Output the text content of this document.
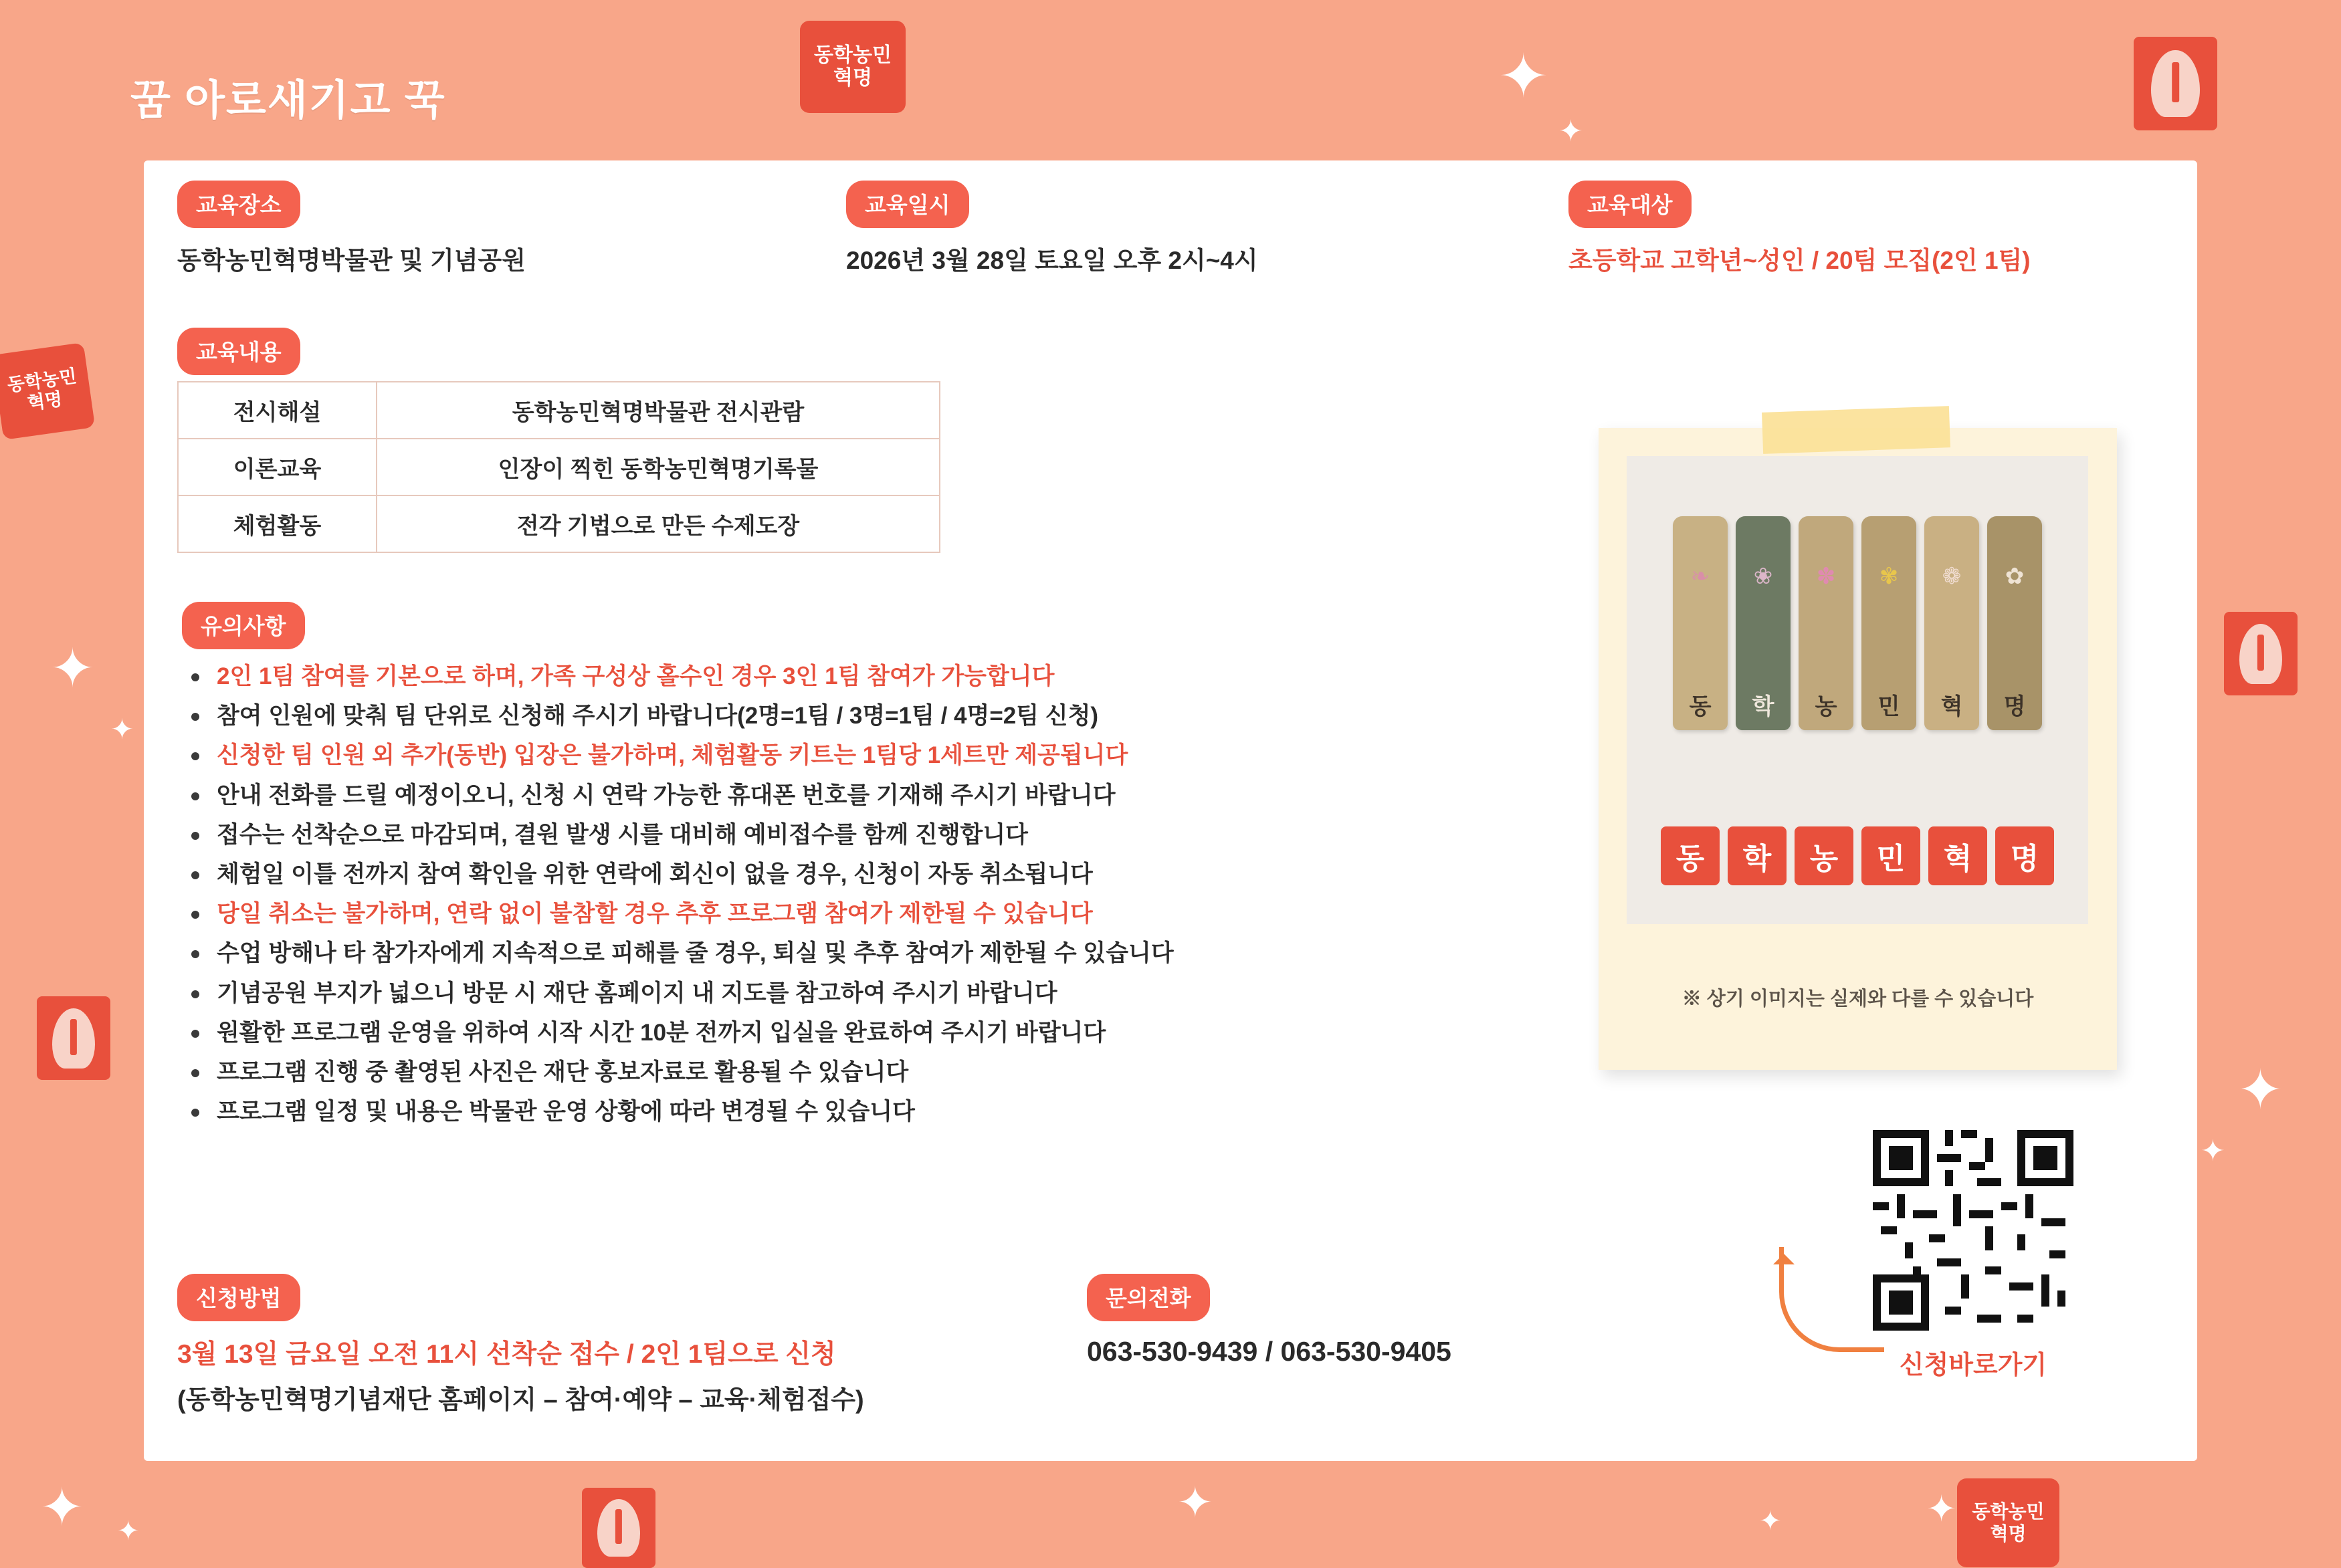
✦
✦
✦
✦
✦
✦
✦ ✦
✦	✦
✦
동학농민
혁명
동학농민
혁명
동학농민
혁명
꿈 아로새기고 꾹
교육장소
동학농민혁명박물관 및 기념공원
교육일시
2026년 3월 28일 토요일 오후 2시~4시
교육대상
초등학교 고학년~성인 / 20팀 모집(2인 1팀)
교육내용
전시해설	동학농민혁명박물관 전시관람
이론교육	인장이 찍힌 동학농민혁명기록물
체험활동	전각 기법으로 만든 수제도장
유의사항
2인 1팀 참여를 기본으로 하며, 가족 구성상 홀수인 경우 3인 1팀 참여가 가능합니다
참여 인원에 맞춰 팀 단위로 신청해 주시기 바랍니다(2명=1팀 / 3명=1팀 / 4명=2팀 신청)
신청한 팀 인원 외 추가(동반) 입장은 불가하며, 체험활동 키트는 1팀당 1세트만 제공됩니다
안내 전화를 드릴 예정이오니, 신청 시 연락 가능한 휴대폰 번호를 기재해 주시기 바랍니다
접수는 선착순으로 마감되며, 결원 발생 시를 대비해 예비접수를 함께 진행합니다
체험일 이틀 전까지 참여 확인을 위한 연락에 회신이 없을 경우, 신청이 자동 취소됩니다
당일 취소는 불가하며, 연락 없이 불참할 경우 추후 프로그램 참여가 제한될 수 있습니다
수업 방해나 타 참가자에게 지속적으로 피해를 줄 경우, 퇴실 및 추후 참여가 제한될 수 있습니다
기념공원 부지가 넓으니 방문 시 재단 홈페이지 내 지도를 참고하여 주시기 바랍니다
원활한 프로그램 운영을 위하여 시작 시간 10분 전까지 입실을 완료하여 주시기 바랍니다
프로그램 진행 중 촬영된 사진은 재단 홍보자료로 활용될 수 있습니다
프로그램 일정 및 내용은 박물관 운영 상황에 따라 변경될 수 있습니다
❧
동
❀
학
✽
농
✾
민
❁
혁
✿
명
동	학	농	민	혁	명
※ 상기 이미지는 실제와 다를 수 있습니다
신청바로가기
신청방법
3월 13일 금요일 오전 11시 선착순 접수 / 2인 1팀으로 신청
(동학농민혁명기념재단 홈페이지 – 참여·예약 – 교육·체험접수)
문의전화
063-530-9439 / 063-530-9405
